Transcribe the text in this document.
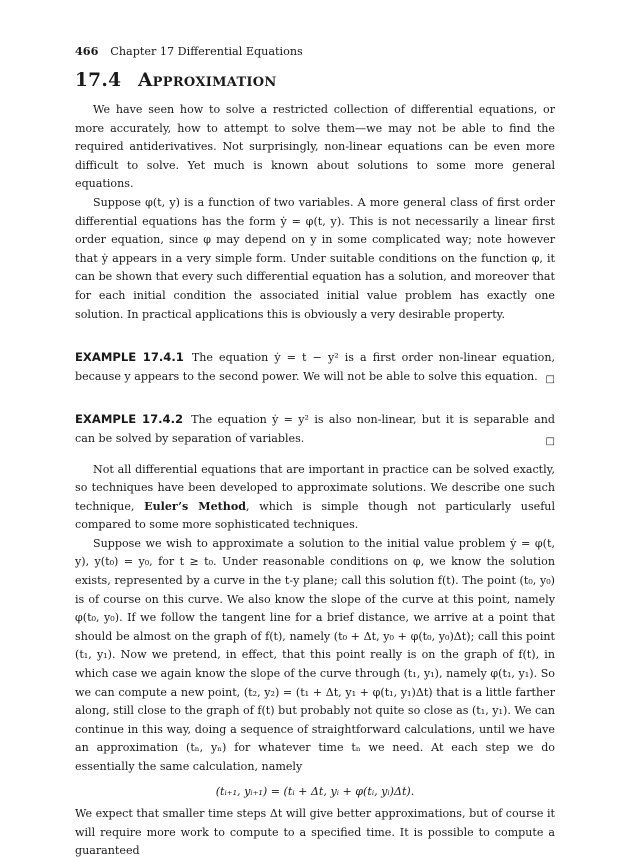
466 Chapter 17 Differential Equations
17.4 Approximation

We have seen how to solve a restricted collection of differential equations, or more accurately, how to attempt to solve them—we may not be able to find the required antiderivatives. Not surprisingly, non-linear equations can be even more difficult to solve. Yet much is known about solutions to some more general equations.

Suppose φ(t, y) is a function of two variables. A more general class of first order differential equations has the form ẏ = φ(t, y). This is not necessarily a linear first order equation, since φ may depend on y in some complicated way; note however that ẏ appears in a very simple form. Under suitable conditions on the function φ, it can be shown that every such differential equation has a solution, and moreover that for each initial condition the associated initial value problem has exactly one solution. In practical applications this is obviously a very desirable property.

EXAMPLE 17.4.1 The equation ẏ = t − y² is a first order non-linear equation, because y appears to the second power. We will not be able to solve this equation. □

EXAMPLE 17.4.2 The equation ẏ = y² is also non-linear, but it is separable and can be solved by separation of variables.	□

Not all differential equations that are important in practice can be solved exactly, so techniques have been developed to approximate solutions. We describe one such technique, Euler’s Method, which is simple though not particularly useful compared to some more sophisticated techniques.

Suppose we wish to approximate a solution to the initial value problem ẏ = φ(t, y), y(t₀) = y₀, for t ≥ t₀. Under reasonable conditions on φ, we know the solution exists, represented by a curve in the t-y plane; call this solution f(t). The point (t₀, y₀) is of course on this curve. We also know the slope of the curve at this point, namely φ(t₀, y₀). If we follow the tangent line for a brief distance, we arrive at a point that should be almost on the graph of f(t), namely (t₀ + Δt, y₀ + φ(t₀, y₀)Δt); call this point (t₁, y₁). Now we pretend, in effect, that this point really is on the graph of f(t), in which case we again know the slope of the curve through (t₁, y₁), namely φ(t₁, y₁). So we can compute a new point, (t₂, y₂) = (t₁ + Δt, y₁ + φ(t₁, y₁)Δt) that is a little farther along, still close to the graph of f(t) but probably not quite so close as (t₁, y₁). We can continue in this way, doing a sequence of straightforward calculations, until we have an approximation (tₙ, yₙ) for whatever time tₙ we need. At each step we do essentially the same calculation, namely

(tᵢ₊₁, yᵢ₊₁) = (tᵢ + Δt, yᵢ + φ(tᵢ, yᵢ)Δt).

We expect that smaller time steps Δt will give better approximations, but of course it will require more work to compute to a specified time. It is possible to compute a guaranteed
